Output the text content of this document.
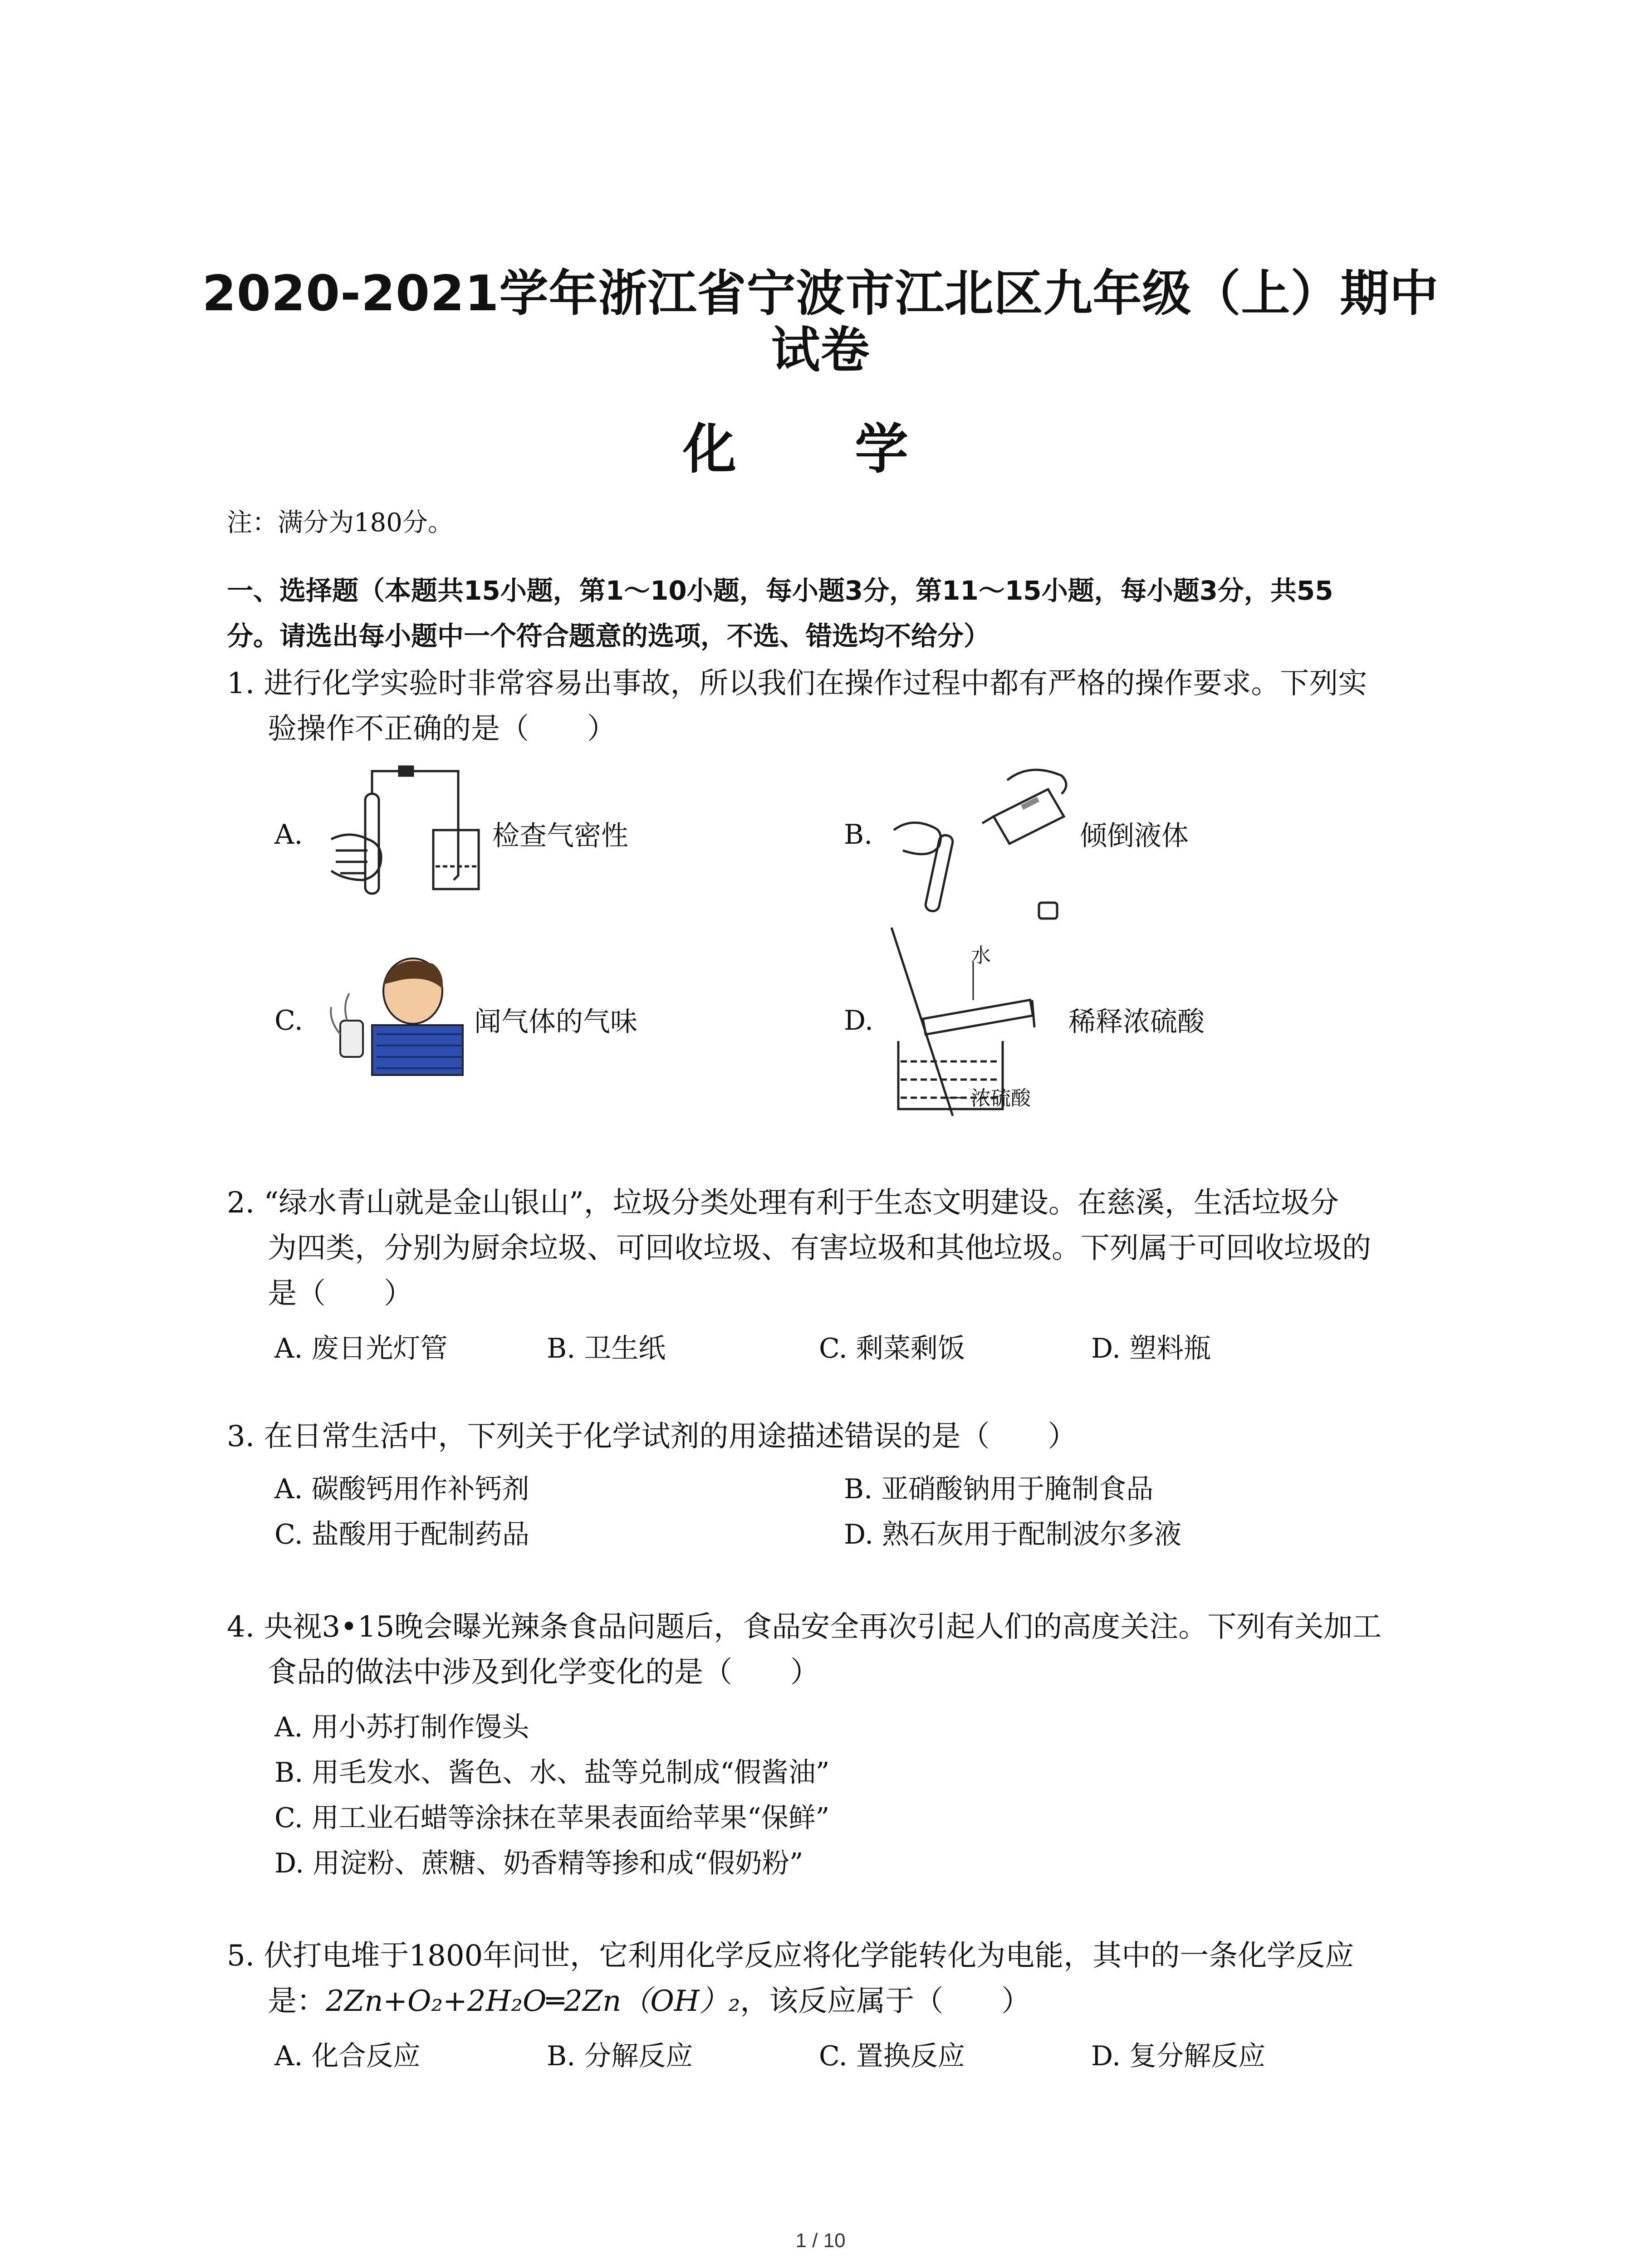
2020-2021学年浙江省宁波市江北区九年级（上）期中
试卷
化 学
注：满分为180分。
一、选择题（本题共15小题，第1～10小题，每小题3分，第11～15小题，每小题3分，共55
分。请选出每小题中一个符合题意的选项，不选、错选均不给分）
1. 进行化学实验时非常容易出事故，所以我们在操作过程中都有严格的操作要求。下列实
验操作不正确的是（　　）
A.	检查气密性	B.	倾倒液体
C.	闻气体的气味	D.
水
浓硫酸
稀释浓硫酸
2. “绿水青山就是金山银山”，垃圾分类处理有利于生态文明建设。在慈溪，生活垃圾分
为四类，分别为厨余垃圾、可回收垃圾、有害垃圾和其他垃圾。下列属于可回收垃圾的
是（　　）
A. 废日光灯管	B. 卫生纸	C. 剩菜剩饭	D. 塑料瓶
3. 在日常生活中，下列关于化学试剂的用途描述错误的是（　　）
A. 碳酸钙用作补钙剂	B. 亚硝酸钠用于腌制食品
C. 盐酸用于配制药品	D. 熟石灰用于配制波尔多液
4. 央视3•15晚会曝光辣条食品问题后，食品安全再次引起人们的高度关注。下列有关加工
食品的做法中涉及到化学变化的是（　　）
A. 用小苏打制作馒头
B. 用毛发水、酱色、水、盐等兑制成“假酱油”
C. 用工业石蜡等涂抹在苹果表面给苹果“保鲜”
D. 用淀粉、蔗糖、奶香精等掺和成“假奶粉”
5. 伏打电堆于1800年问世，它利用化学反应将化学能转化为电能，其中的一条化学反应
是：2Zn+O₂+2H₂O═2Zn（OH）₂，该反应属于（　　）
A. 化合反应	B. 分解反应	C. 置换反应	D. 复分解反应
1 / 10
